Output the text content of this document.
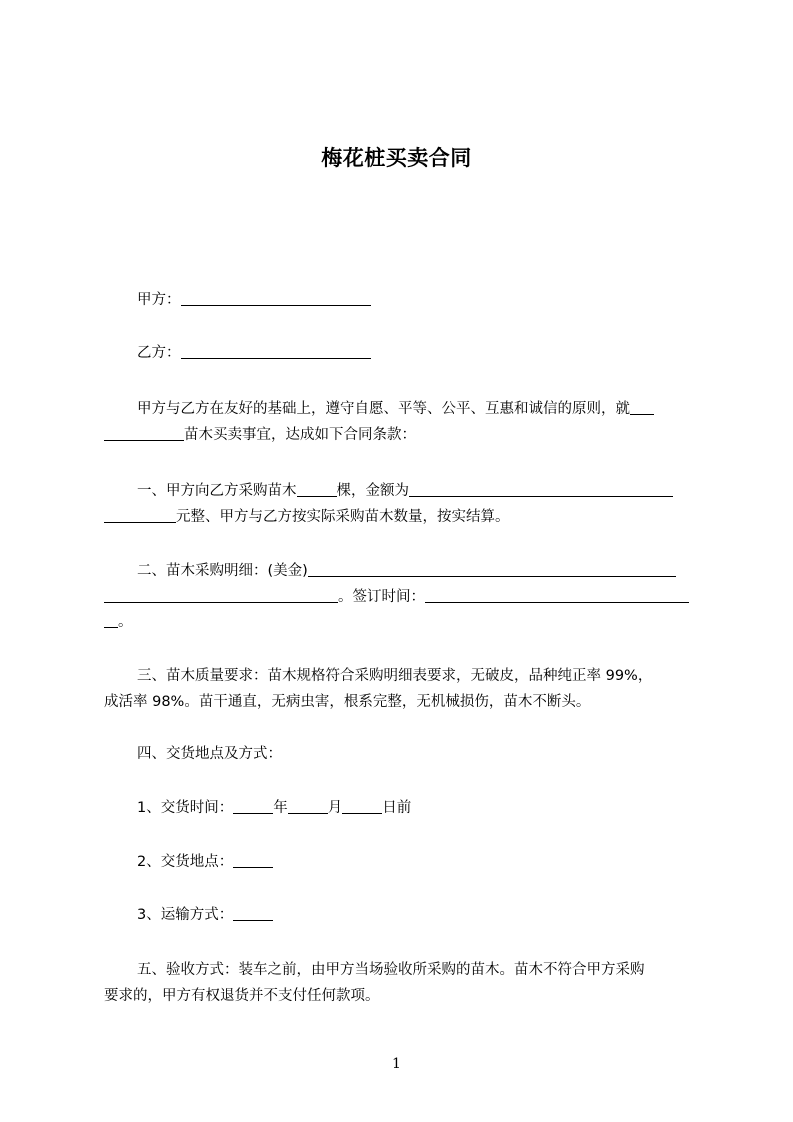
梅花桩买卖合同
甲方：
乙方：
甲方与乙方在友好的基础上，遵守自愿、平等、公平、互惠和诚信的原则，就
苗木买卖事宜，达成如下合同条款：
一、甲方向乙方采购苗木	棵，金额为
元整、甲方与乙方按实际采购苗木数量，按实结算。
二、苗木采购明细：(美金)
。签订时间：
。
三、苗木质量要求：苗木规格符合采购明细表要求，无破皮，品种纯正率 99%，

成活率 98%。苗干通直，无病虫害，根系完整，无机械损伤，苗木不断头。
四、交货地点及方式：
1、交货时间：	年	月	日前
2、交货地点：
3、运输方式：
五、验收方式：装车之前，由甲方当场验收所采购的苗木。苗木不符合甲方采购
要求的，甲方有权退货并不支付任何款项。
1
